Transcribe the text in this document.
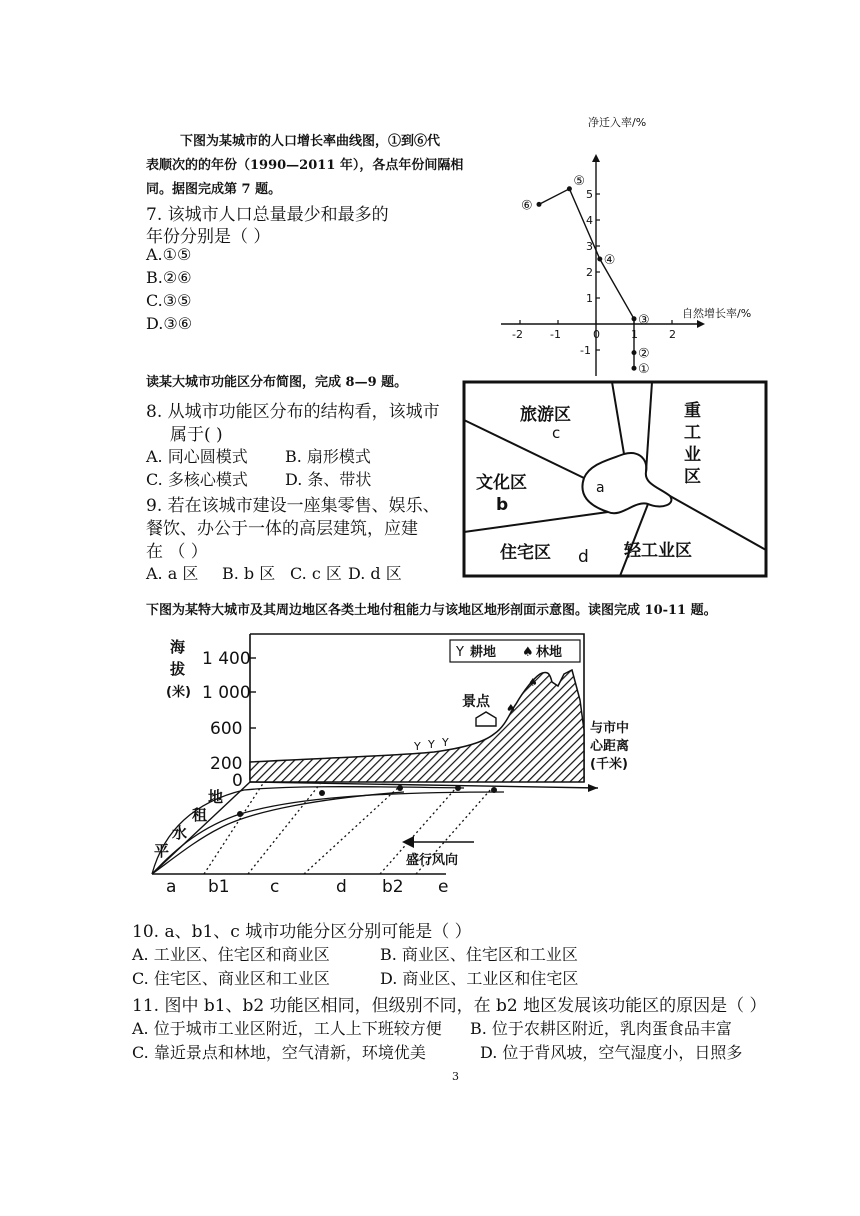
下图为某城市的人口增长率曲线图，①到⑥代
表顺次的的年份（1990—2011 年），各点年份间隔相
同。据图完成第 7 题。
7. 该城市人口总量最少和最多的
年份分别是（ ）
A.①⑤
B.②⑥
C.③⑤
D.③⑥
净迁入率/%
自然增长率/%
-2 -1	0	1	2
-1
1
2
3
4
5
①
②
③
④
⑤
⑥
读某大城市功能区分布简图，完成 8—9 题。
8. 从城市功能区分布的结构看，该城市
属于( )
A. 同心圆模式 B. 扇形模式
C. 多核心模式 D. 条、带状
9. 若在该城市建设一座集零售、娱乐、
餐饮、办公于一体的高层建筑，应建
在 （ ）
A. a 区 B. b 区 C. c 区 D. d 区
旅游区
c
重
工
业
区
文化区
b
a
住宅区 d 轻工业区
下图为某特大城市及其周边地区各类土地付租能力与该地区地形剖面示意图。读图完成 10-11 题。
海
拔
(米)
1 400
1 000
600
200
0
Y 耕地 ♠ 林地
景点
Y Y Y
♠
♠
与市中
心距离
(千米)
地
租
水
平
盛行风向
a b1 c	d b2 e
10. a、b1、c 城市功能分区分别可能是（ ）
A. 工业区、住宅区和商业区	B. 商业区、住宅区和工业区
C. 住宅区、商业区和工业区	D. 商业区、工业区和住宅区
11. 图中 b1、b2 功能区相同，但级别不同，在 b2 地区发展该功能区的原因是（ ）
A. 位于城市工业区附近，工人上下班较方便 B. 位于农耕区附近，乳肉蛋食品丰富
C. 靠近景点和林地，空气清新，环境优美	D. 位于背风坡，空气湿度小，日照多
3
